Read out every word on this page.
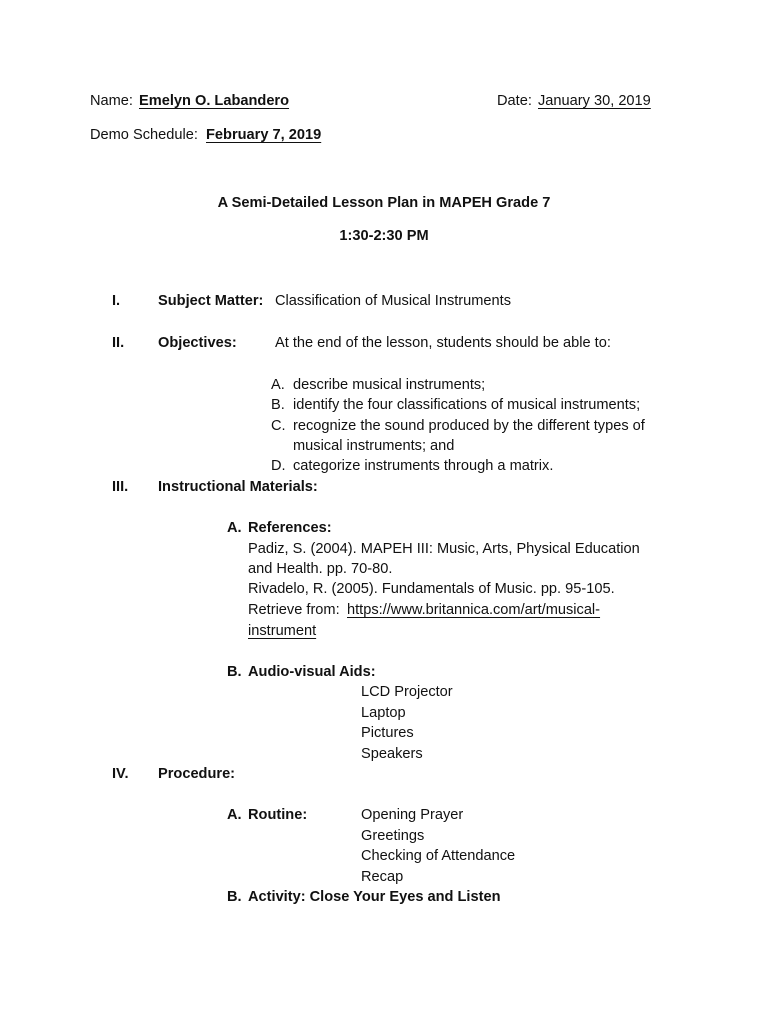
Name: Emelyn O. Labandero	Date: January 30, 2019
Demo Schedule: February 7, 2019
A Semi-Detailed Lesson Plan in MAPEH Grade 7
1:30-2:30 PM
I.	Subject Matter: Classification of Musical Instruments
II. Objectives:	At the end of the lesson, students should be able to:
A. describe musical instruments;
B. identify the four classifications of musical instruments;
C. recognize the sound produced by the different types of
musical instruments; and
D. categorize instruments through a matrix.
III. Instructional Materials:
A. References:
Padiz, S. (2004). MAPEH III: Music, Arts, Physical Education
and Health. pp. 70-80.
Rivadelo, R. (2005). Fundamentals of Music. pp. 95-105.
Retrieve from: https://www.britannica.com/art/musical-
instrument
B. Audio-visual Aids:
LCD Projector
Laptop
Pictures
Speakers
IV. Procedure:
A. Routine:	Opening Prayer
Greetings
Checking of Attendance
Recap
B. Activity: Close Your Eyes and Listen
